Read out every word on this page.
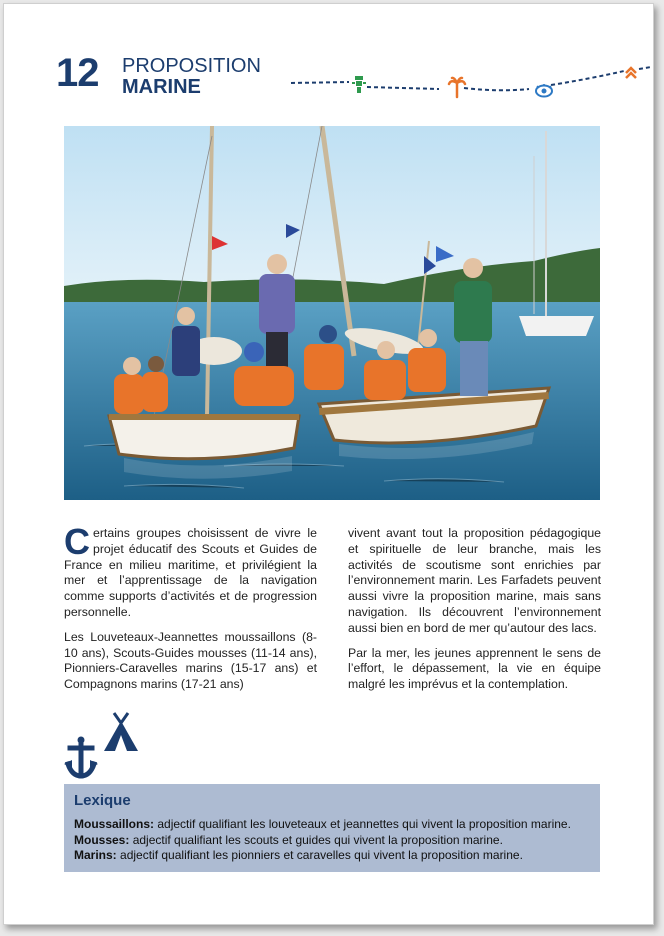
12 PROPOSITION
MARINE

Certains groupes choisissent de vivre le projet éducatif des Scouts et Guides de France en milieu maritime, et privilégient la mer et l’apprentissage de la navigation comme supports d’activités et de progression personnelle.

Les Louveteaux-Jeannettes moussaillons (8-10 ans), Scouts-Guides mousses (11-14 ans), Pionniers-Caravelles marins (15-17 ans) et Compagnons marins (17-21 ans)

vivent avant tout la proposition pédagogique et spirituelle de leur branche, mais les activités de scoutisme sont enrichies par l’environnement marin. Les Farfadets peuvent aussi vivre la proposition marine, mais sans navigation. Ils découvrent l’environnement aussi bien en bord de mer qu’autour des lacs.

Par la mer, les jeunes apprennent le sens de l’effort, le dépassement, la vie en équipe malgré les imprévus et la contemplation.

Lexique
Moussaillons: adjectif qualifiant les louveteaux et jeannettes qui vivent la proposition marine.
Mousses: adjectif qualifiant les scouts et guides qui vivent la proposition marine.
Marins: adjectif qualifiant les pionniers et caravelles qui vivent la proposition marine.
